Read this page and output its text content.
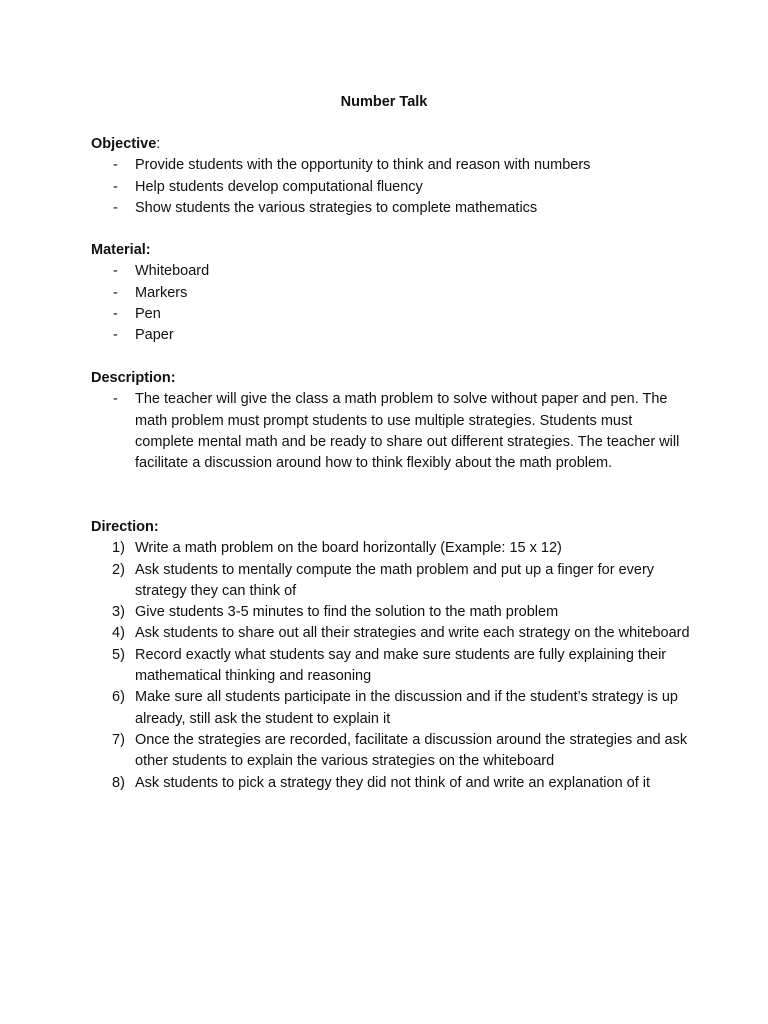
Number Talk
Objective:
- Provide students with the opportunity to think and reason with numbers
- Help students develop computational fluency
- Show students the various strategies to complete mathematics
Material:
- Whiteboard
- Markers
- Pen
- Paper
Description:
- The teacher will give the class a math problem to solve without paper and pen. The math problem must prompt students to use multiple strategies. Students must complete mental math and be ready to share out different strategies. The teacher will facilitate a discussion around how to think flexibly about the math problem.
Direction:
1) Write a math problem on the board horizontally (Example: 15 x 12)
2) Ask students to mentally compute the math problem and put up a finger for every strategy they can think of
3) Give students 3-5 minutes to find the solution to the math problem
4) Ask students to share out all their strategies and write each strategy on the whiteboard
5) Record exactly what students say and make sure students are fully explaining their mathematical thinking and reasoning
6) Make sure all students participate in the discussion and if the student’s strategy is up already, still ask the student to explain it
7) Once the strategies are recorded, facilitate a discussion around the strategies and ask other students to explain the various strategies on the whiteboard
8) Ask students to pick a strategy they did not think of and write an explanation of it
